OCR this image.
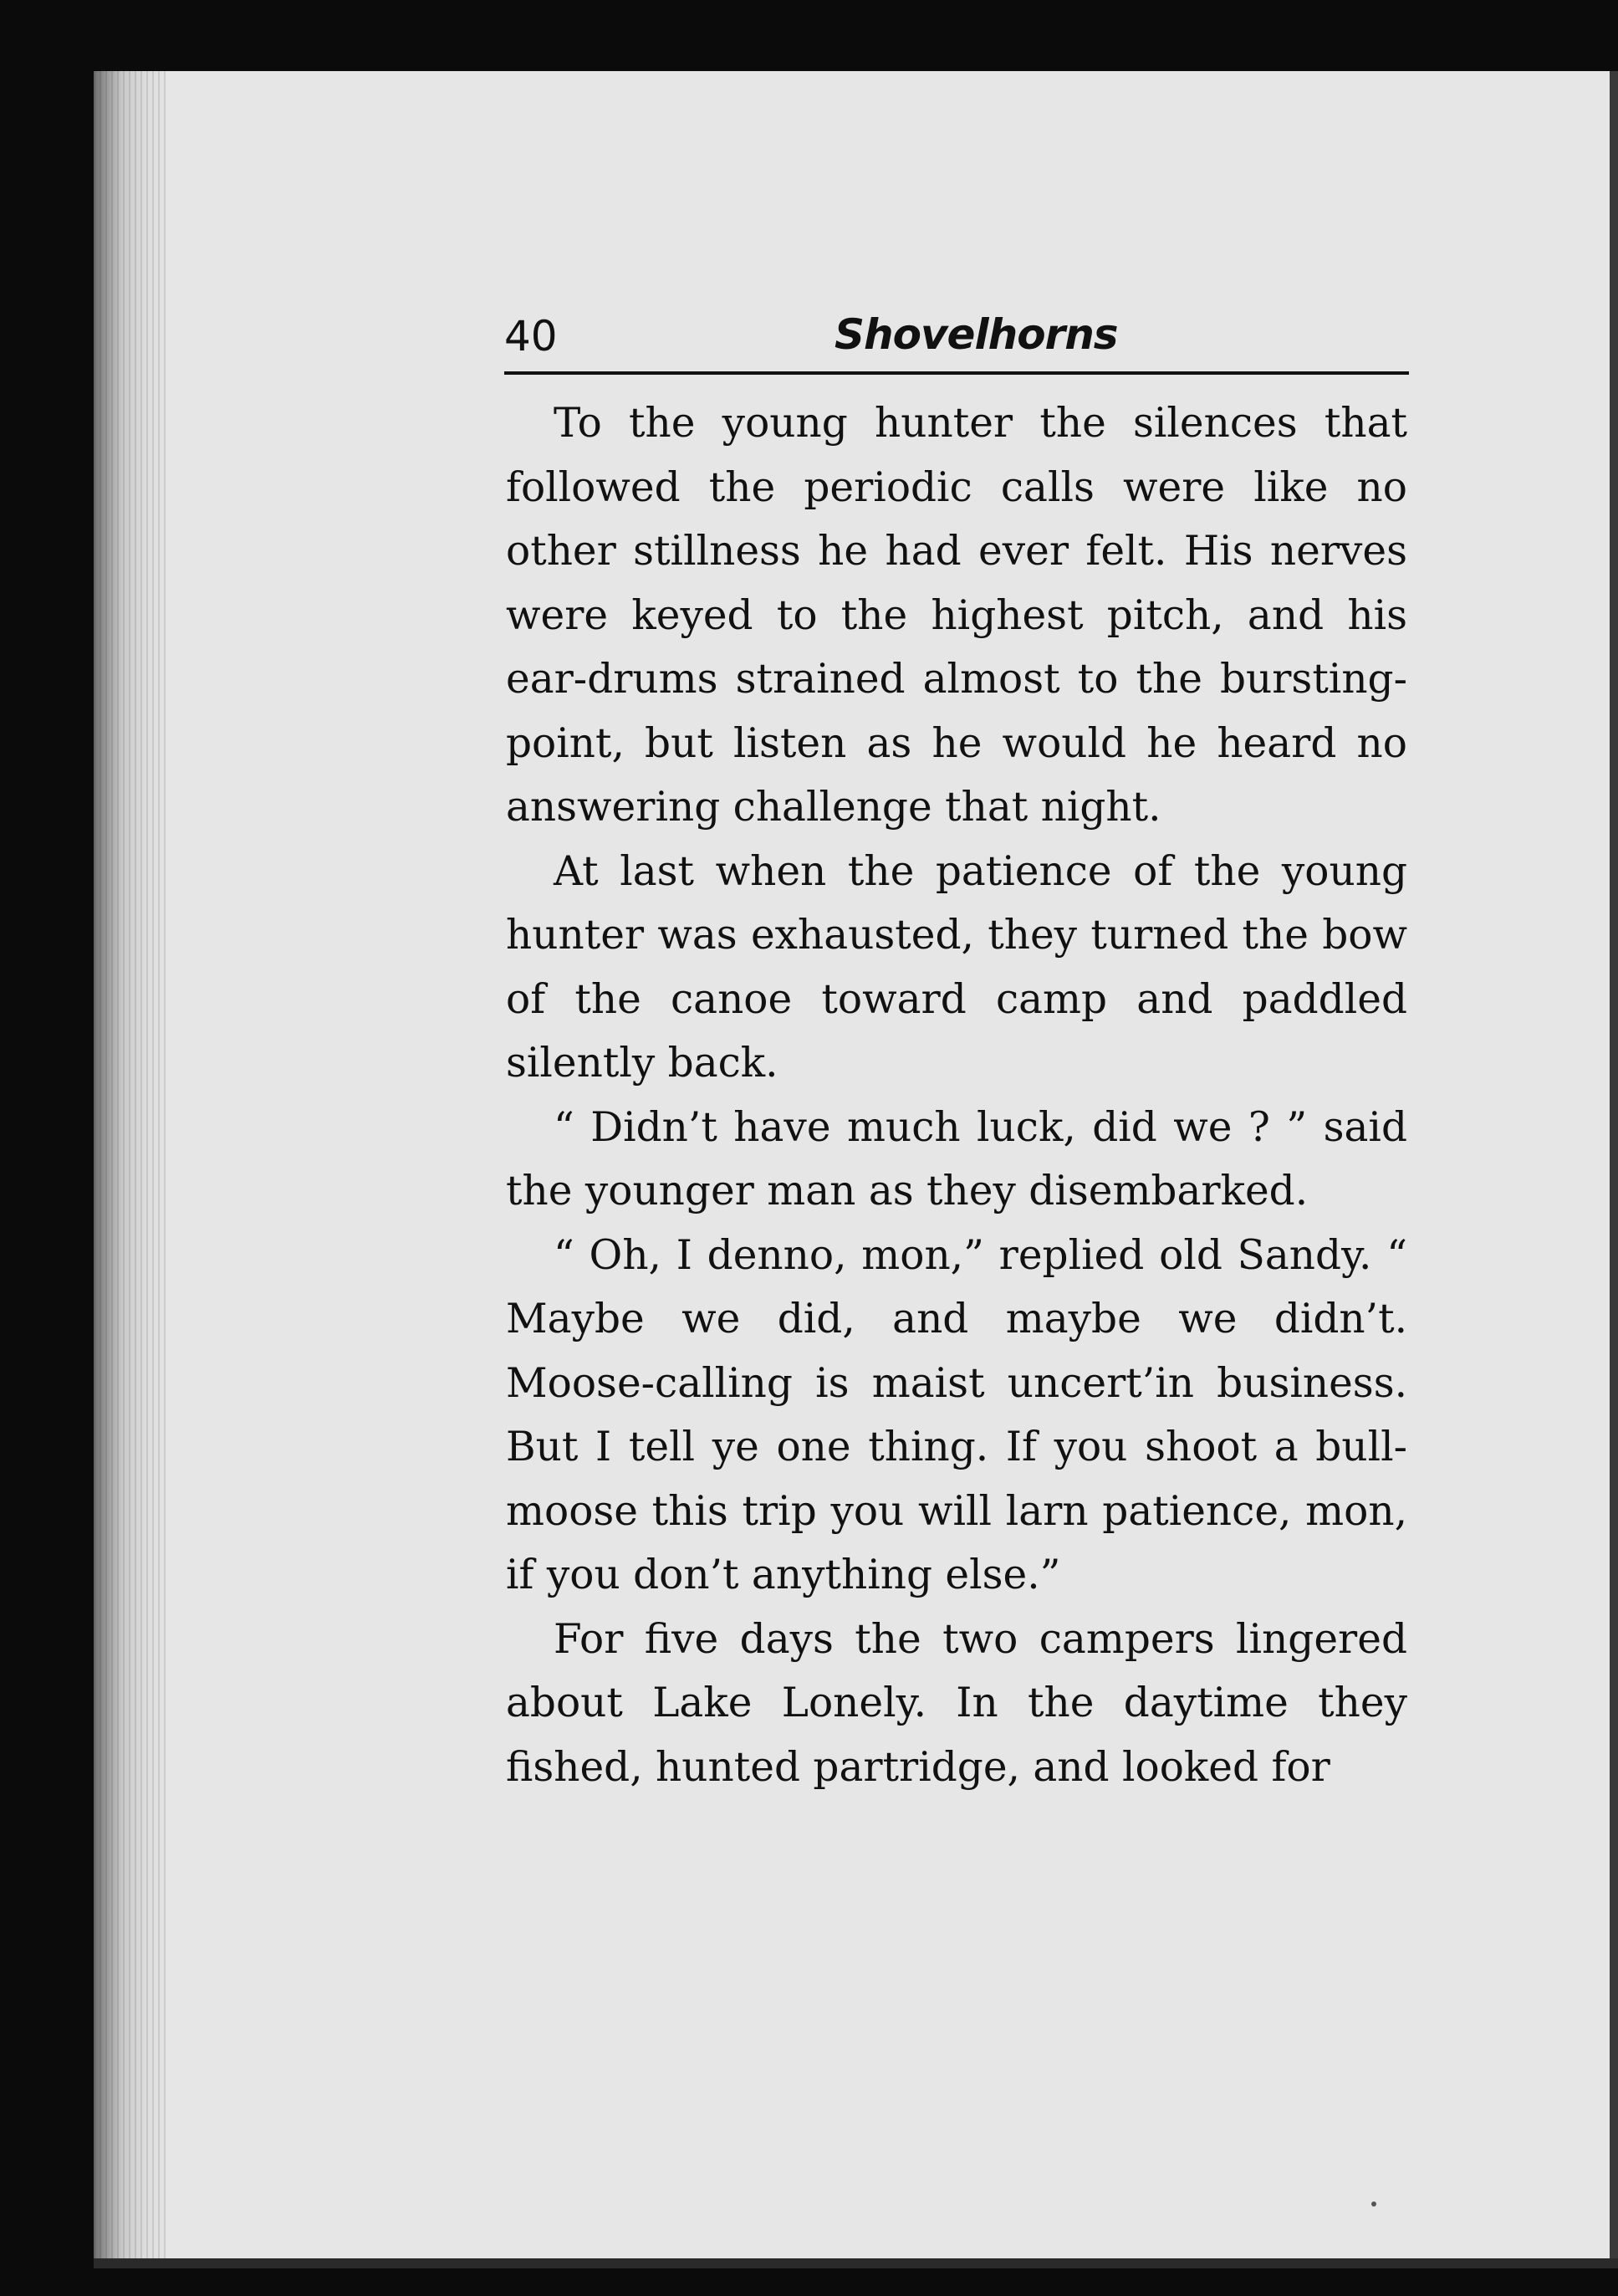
40	Shovelhorns

To the young hunter the silences that followed the periodic calls were like no other stillness he had ever felt. His nerves were keyed to the highest pitch, and his ear-drums strained almost to the bursting-point, but listen as he would he heard no answering challenge that night.

At last when the patience of the young hunter was exhausted, they turned the bow of the canoe toward camp and paddled silently back.

“ Didn’t have much luck, did we ? ” said the younger man as they disembarked.

“ Oh, I denno, mon,” replied old Sandy. “ Maybe we did, and maybe we didn’t. Moose-calling is maist uncert’in business. But I tell ye one thing. If you shoot a bull-moose this trip you will larn patience, mon, if you don’t anything else.”

For five days the two campers lingered about Lake Lonely. In the daytime they fished, hunted partridge, and looked for
